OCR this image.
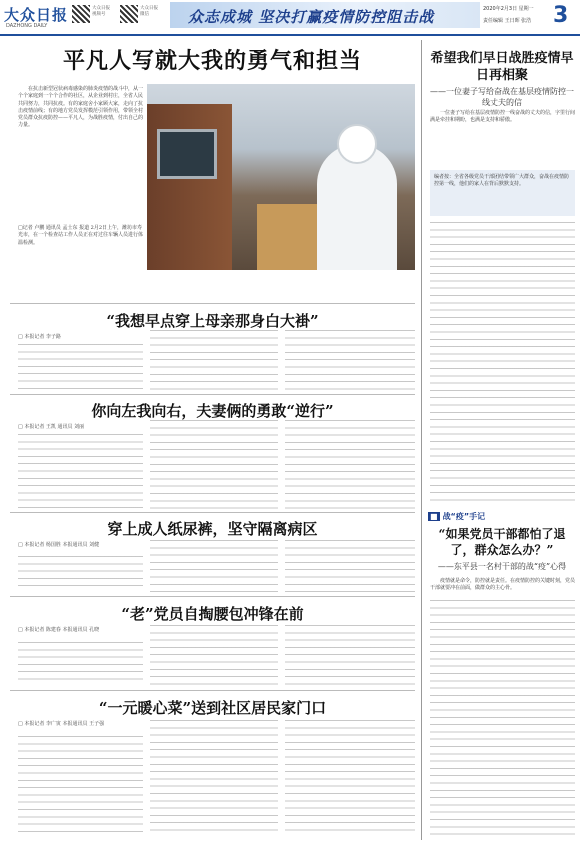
大众日报
DAZHONG DAILY
大众日报
视频号
大众日报
微信	众志成城 坚决打赢疫情防控阻击战	2020年2月3日 星期一
责任编辑 王日晖 张浩 3
平凡人写就大我的勇气和担当
在抗击新型冠状病毒感染的肺炎疫情的战斗中，从一个个家庭到一个个合作的社区，从企业到村庄，全省人民共同努力，共同抗疫。有的家庭舍小家顾大家，走向了抗击疫情前线；有的地方党员发挥模范引领作用，带领全村党员群众抗疫防控——平凡人，为战胜疫情，付出自己的力量。
□记者 卢鹏 通讯员 孟士东 报道 2月2日上午，潍坊市寿光市，在一个检查站工作人员正在对过往车辆人员进行体温检测。
“我想早点穿上母亲那身白大褂”
□ 本报记者 李子路
你向左我向右，夫妻俩的勇敢“逆行”
□ 本报记者 王凯 通讯员 刘丽
穿上成人纸尿裤，坚守隔离病区
□ 本报记者 杨国胜 本报通讯员 刘健
“老”党员自掏腰包冲锋在前
□ 本报记者 陈建春 本报通讯员 孔晓
“一元暖心菜”送到社区居民家门口
□ 本报记者 李广寅 本报通讯员 王子强
希望我们早日战胜疫情早日再相聚
——一位妻子写给奋战在基层疫情防控一线丈夫的信
一位妻子写给在基层疫情防控一线奋战的丈夫的信，字里行间满是牵挂和期盼，也满是支持和骄傲。
编者按：全省各级党员干部团结带领广大群众，奋战在疫情防控第一线，他们的家人在背后默默支持。
■ 战“疫”手记
“如果党员干部都怕了退了，群众怎么办？”
——东平县一名村干部的战“疫”心得
疫情就是命令，防控就是责任。在疫情防控的关键时刻，党员干部就要冲在前面，做群众的主心骨。
